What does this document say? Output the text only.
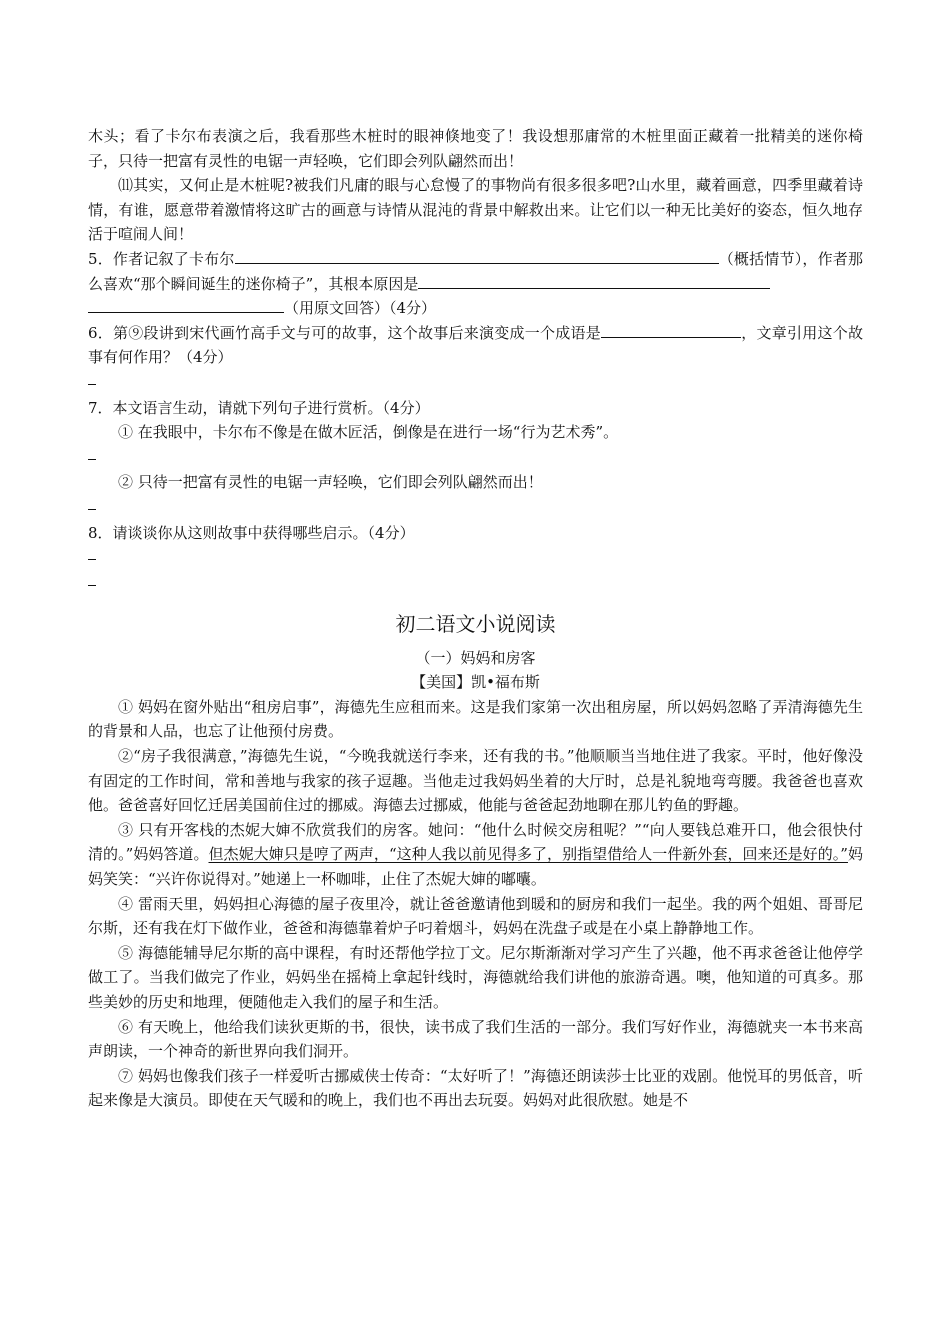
木头；看了卡尔布表演之后，我看那些木桩时的眼神倏地变了！我设想那庸常的木桩里面正藏着一批精美的迷你椅子，只待一把富有灵性的电锯一声轻唤，它们即会列队翩然而出！

⑾其实，又何止是木桩呢?被我们凡庸的眼与心怠慢了的事物尚有很多很多吧?山水里，藏着画意，四季里藏着诗情，有谁，愿意带着激情将这旷古的画意与诗情从混沌的背景中解救出来。让它们以一种无比美好的姿态，恒久地存活于喧闹人间！

5．作者记叙了卡布尔	（概括情节），作者那么喜欢“那个瞬间诞生的迷你椅子”，其根本原因是
（用原文回答）（4分）

6．第⑨段讲到宋代画竹高手文与可的故事，这个故事后来演变成一个成语是	，文章引用这个故事有何作用？（4分）

7．本文语言生动，请就下列句子进行赏析。（4分）

① 在我眼中，卡尔布不像是在做木匠活，倒像是在进行一场“行为艺术秀”。

② 只待一把富有灵性的电锯一声轻唤，它们即会列队翩然而出！

8．请谈谈你从这则故事中获得哪些启示。（4分）

初二语文小说阅读

（一）妈妈和房客

【美国】凯•福布斯

① 妈妈在窗外贴出“租房启事”，海德先生应租而来。这是我们家第一次出租房屋，所以妈妈忽略了弄清海德先生的背景和人品，也忘了让他预付房费。

②“房子我很满意，”海德先生说，“今晚我就送行李来，还有我的书。”他顺顺当当地住进了我家。平时，他好像没有固定的工作时间，常和善地与我家的孩子逗趣。当他走过我妈妈坐着的大厅时，总是礼貌地弯弯腰。我爸爸也喜欢他。爸爸喜好回忆迁居美国前住过的挪威。海德去过挪威，他能与爸爸起劲地聊在那儿钓鱼的野趣。

③ 只有开客栈的杰妮大婶不欣赏我们的房客。她问：“他什么时候交房租呢？”“向人要钱总难开口，他会很快付清的。”妈妈答道。但杰妮大婶只是哼了两声，“这种人我以前见得多了，别指望借给人一件新外套，回来还是好的。”妈妈笑笑：“兴许你说得对。”她递上一杯咖啡，止住了杰妮大婶的嘟囔。

④ 雷雨天里，妈妈担心海德的屋子夜里冷，就让爸爸邀请他到暖和的厨房和我们一起坐。我的两个姐姐、哥哥尼尔斯，还有我在灯下做作业，爸爸和海德靠着炉子叼着烟斗，妈妈在洗盘子或是在小桌上静静地工作。

⑤ 海德能辅导尼尔斯的高中课程，有时还帮他学拉丁文。尼尔斯渐渐对学习产生了兴趣，他不再求爸爸让他停学做工了。当我们做完了作业，妈妈坐在摇椅上拿起针线时，海德就给我们讲他的旅游奇遇。噢，他知道的可真多。那些美妙的历史和地理，便随他走入我们的屋子和生活。

⑥ 有天晚上，他给我们读狄更斯的书，很快，读书成了我们生活的一部分。我们写好作业，海德就夹一本书来高声朗读，一个神奇的新世界向我们洞开。

⑦ 妈妈也像我们孩子一样爱听古挪威侠士传奇：“太好听了！”海德还朗读莎士比亚的戏剧。他悦耳的男低音，听起来像是大演员。即使在天气暖和的晚上，我们也不再出去玩耍。妈妈对此很欣慰。她是不
